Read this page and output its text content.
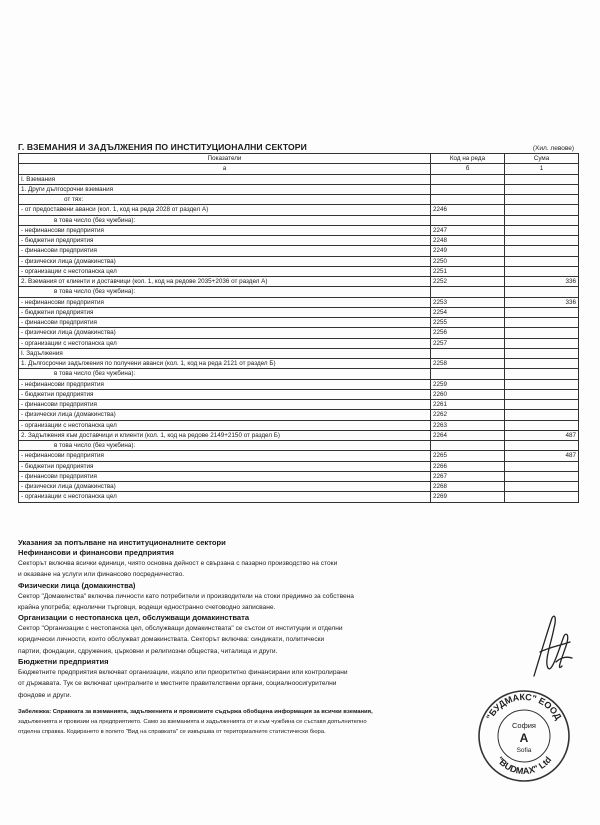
Г. ВЗЕМАНИЯ И ЗАДЪЛЖЕНИЯ ПО ИНСТИТУЦИОНАЛНИ СЕКТОРИ	(Хил. левове)
Показатели	Код на реда	Сума
а	б	1
I. Вземания		
1. Други дългосрочни вземания		
от тях:		
- от предоставени аванси (кол. 1, код на реда 2028 от раздел А)	2246	
в това число (без чужбина):		
- нефинансови предприятия	2247	
- бюджетни предприятия	2248	
- финансови предприятия	2249	
- физически лица (домакинства)	2250	
- организации с нестопанска цел	2251	
2. Вземания от клиенти и доставчици (кол. 1, код на редове 2035+2036 от раздел А)	2252	336
в това число (без чужбина):		
- нефинансови предприятия	2253	336
- бюджетни предприятия	2254	
- финансови предприятия	2255	
- физически лица (домакинства)	2256	
- организации с нестопанска цел	2257	
I. Задължения		
1. Дългосрочни задължения по получени аванси (кол. 1, код на реда 2121 от раздел Б)	2258	
в това число (без чужбина):		
- нефинансови предприятия	2259	
- бюджетни предприятия	2260	
- финансови предприятия	2261	
- физически лица (домакинства)	2262	
- организации с нестопанска цел	2263	
2. Задължения към доставчици и клиенти (кол. 1, код на редове 2149+2150 от раздел Б)	2264	487
в това число (без чужбина):		
- нефинансови предприятия	2265	487
- бюджетни предприятия	2266	
- финансови предприятия	2267	
- физически лица (домакинства)	2268	
- организации с нестопанска цел	2269	
Указания за попълване на институционалните сектори
Нефинансови и финансови предприятия
Секторът включва всички единици, чиято основна дейност е свързана с пазарно производство на стоки
и оказване на услуги или финансово посредничество.
Физически лица (домакинства)
Сектор "Домакинства" включва личности като потребители и производители на стоки предимно за собствена
крайна употреба; еднолични търговци, водещи едностранно счетоводно записване.
Организации с нестопанска цел, обслужващи домакинствата
Сектор "Организации с нестопанска цел, обслужващи домакинствата" се състои от институции и отделни
юридически личности, които обслужват домакинствата. Секторът включва: синдикати, политически
партии, фондации, сдружения, църковни и религиозни общества, читалища и други.
Бюджетни предприятия
Бюджетните предприятия включват организации, изцяло или приоритетно финансирани или контролирани
от държавата. Тук се включват централните и местните правителствени органи, социалноосигурителни
фондове и други.
Забележка: Справката за вземанията, задълженията и провизиите съдържа обобщена информация за всички вземания,
задълженията и провизии на предприятието. Само за вземанията и задълженията от и към чужбина се съставя допълнително
отделна справка. Кодирането в полето "Вид на справката" се извършва от териториалните статистически бюра.
"БУДМАКС" ЕООД
"BUDMAX" Ltd
София
A
Sofia
